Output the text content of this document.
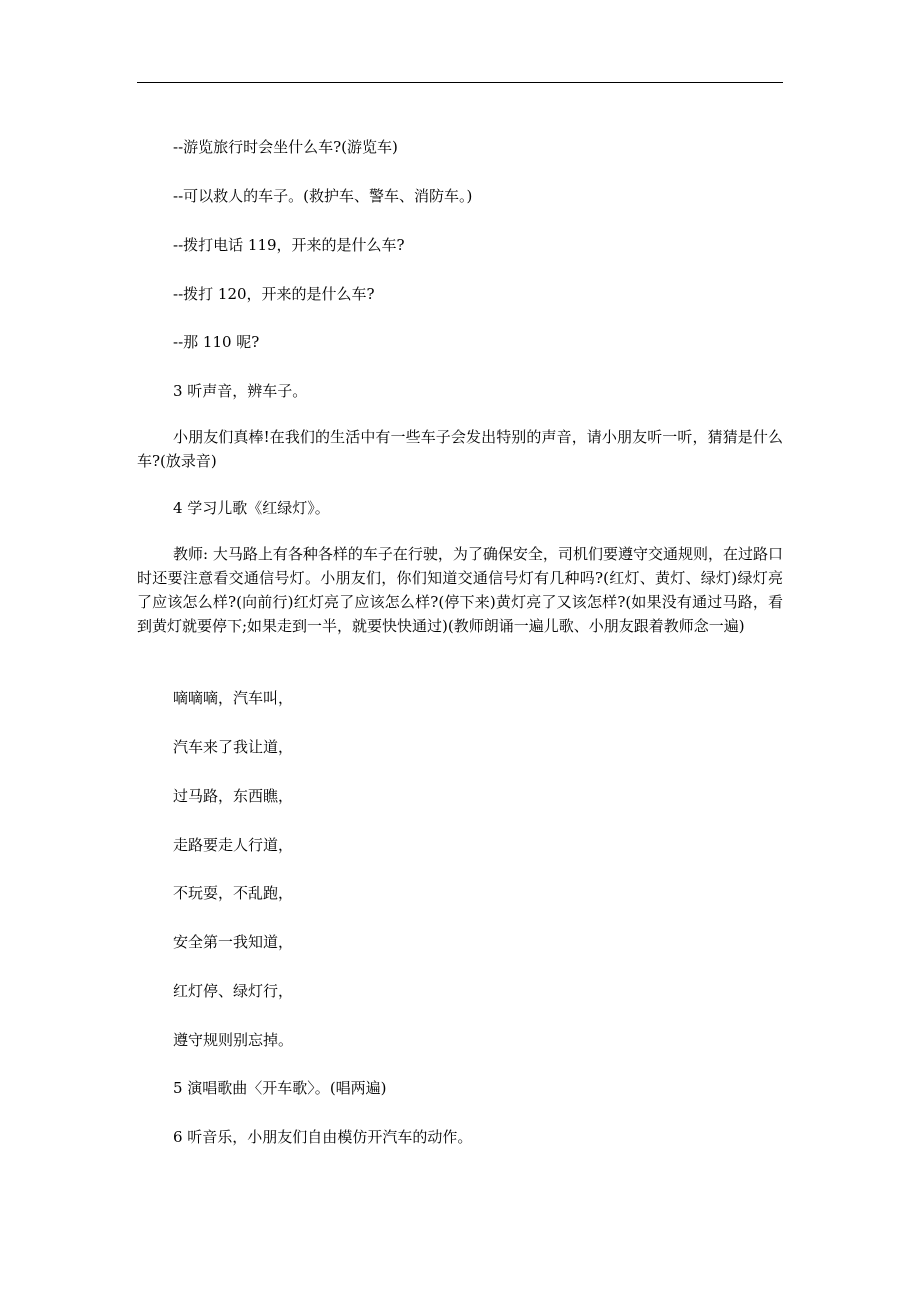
--游览旅行时会坐什么车?(游览车)
--可以救人的车子。(救护车、警车、消防车。)
--拨打电话 119，开来的是什么车?
--拨打 120，开来的是什么车?
--那 110 呢?
3 听声音，辨车子。
小朋友们真棒!在我们的生活中有一些车子会发出特别的声音，请小朋友听一听，猜猜是什么车?(放录音)
4 学习儿歌《红绿灯》。
教师: 大马路上有各种各样的车子在行驶，为了确保安全，司机们要遵守交通规则，在过路口时还要注意看交通信号灯。小朋友们，你们知道交通信号灯有几种吗?(红灯、黄灯、绿灯)绿灯亮了应该怎么样?(向前行)红灯亮了应该怎么样?(停下来)黄灯亮了又该怎样?(如果没有通过马路，看到黄灯就要停下;如果走到一半，就要快快通过)(教师朗诵一遍儿歌、小朋友跟着教师念一遍)
嘀嘀嘀，汽车叫，
汽车来了我让道，
过马路，东西瞧，
走路要走人行道，
不玩耍，不乱跑，
安全第一我知道，
红灯停、绿灯行，
遵守规则别忘掉。
5 演唱歌曲〈开车歌〉。(唱两遍)
6 听音乐，小朋友们自由模仿开汽车的动作。
